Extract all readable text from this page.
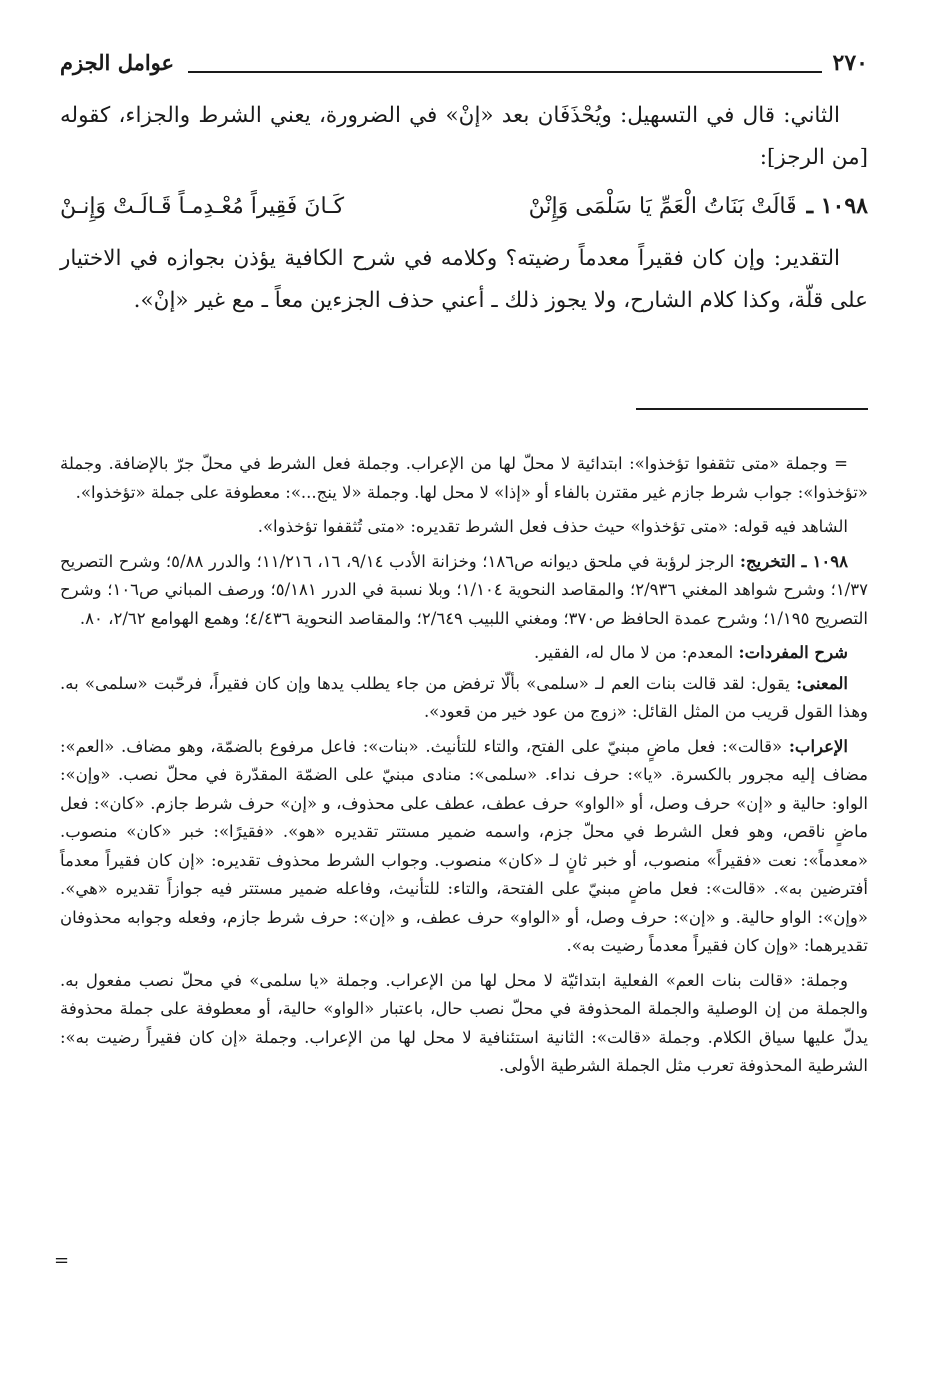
٢٧٠
عوامل الجزم

الثاني: قال في التسهيل: ويُحْذَفَان بعد «إنْ» في الضرورة، يعني الشرط والجزاء، كقوله [من الرجز]:

١٠٩٨ ـ
قَالَتْ بَنَاتُ الْعَمِّ يَا سَلْمَى وَإِنْنْ
كَـانَ فَقِيراً مُعْـدِمـاً قَـالَـتْ وَإِنـنْ

التقدير: وإن كان فقيراً معدماً رضيته؟ وكلامه في شرح الكافية يؤذن بجوازه في الاختيار على قلّة، وكذا كلام الشارح، ولا يجوز ذلك ـ أعني حذف الجزءين معاً ـ مع غير «إنْ».

= وجملة «متى تثقفوا تؤخذوا»: ابتدائية لا محلّ لها من الإعراب. وجملة فعل الشرط في محلّ جرّ بالإضافة. وجملة «تؤخذوا»: جواب شرط جازم غير مقترن بالفاء أو «إذا» لا محل لها. وجملة «لا ينج...»: معطوفة على جملة «تؤخذوا».

الشاهد فيه قوله: «متى تؤخذوا» حيث حذف فعل الشرط تقديره: «متى تُثقفوا تؤخذوا».

١٠٩٨ ـ التخريج: الرجز لرؤبة في ملحق ديوانه ص١٨٦؛ وخزانة الأدب ٩/١٤، ١٦، ١١/٢١٦؛ والدرر ٥/٨٨؛ وشرح التصريح ١/٣٧؛ وشرح شواهد المغني ٢/٩٣٦؛ والمقاصد النحوية ١/١٠٤؛ وبلا نسبة في الدرر ٥/١٨١؛ ورصف المباني ص١٠٦؛ وشرح التصريح ١/١٩٥؛ وشرح عمدة الحافظ ص٣٧٠؛ ومغني اللبيب ٢/٦٤٩؛ والمقاصد النحوية ٤/٤٣٦؛ وهمع الهوامع ٢/٦٢، ٨٠.

شرح المفردات: المعدم: من لا مال له، الفقير.

المعنى: يقول: لقد قالت بنات العم لـ «سلمى» بألّا ترفض من جاء يطلب يدها وإن كان فقيراً، فرحّبت «سلمى» به. وهذا القول قريب من المثل القائل: «زوج من عود خير من قعود».

الإعراب: «قالت»: فعل ماضٍ مبنيّ على الفتح، والتاء للتأنيث. «بنات»: فاعل مرفوع بالضمّة، وهو مضاف. «العم»: مضاف إليه مجرور بالكسرة. «يا»: حرف نداء. «سلمى»: منادى مبنيّ على الضمّة المقدّرة في محلّ نصب. «وإن»: الواو: حالية و «إن» حرف وصل، أو «الواو» حرف عطف، عطف على محذوف، و «إن» حرف شرط جازم. «كان»: فعل ماضٍ ناقص، وهو فعل الشرط في محلّ جزم، واسمه ضمير مستتر تقديره «هو». «فقيرًا»: خبر «كان» منصوب. «معدماً»: نعت «فقيراً» منصوب، أو خبر ثانٍ لـ «كان» منصوب. وجواب الشرط محذوف تقديره: «إن كان فقيراً معدماً أفترضين به». «قالت»: فعل ماضٍ مبنيّ على الفتحة، والتاء: للتأنيث، وفاعله ضمير مستتر فيه جوازاً تقديره «هي». «وإن»: الواو حالية. و «إن»: حرف وصل، أو «الواو» حرف عطف، و «إن»: حرف شرط جازم، وفعله وجوابه محذوفان تقديرهما: «وإن كان فقيراً معدماً رضيت به».

وجملة: «قالت بنات العم» الفعلية ابتدائيّة لا محل لها من الإعراب. وجملة «يا سلمى» في محلّ نصب مفعول به. والجملة من إن الوصلية والجملة المحذوفة في محلّ نصب حال، باعتبار «الواو» حالية، أو معطوفة على جملة محذوفة يدلّ عليها سياق الكلام. وجملة «قالت»: الثانية استئنافية لا محل لها من الإعراب. وجملة «إن كان فقيراً رضيت به»: الشرطية المحذوفة تعرب مثل الجملة الشرطية الأولى.

=
